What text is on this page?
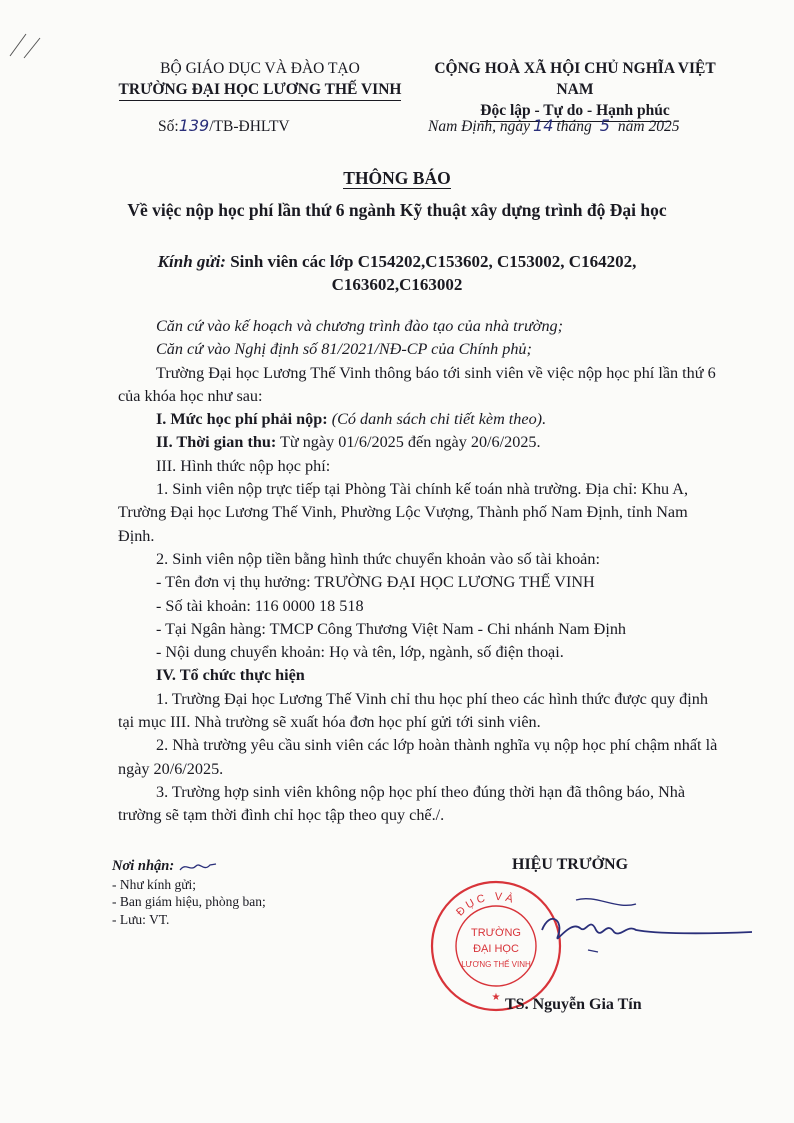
BỘ GIÁO DỤC VÀ ĐÀO TẠO
TRƯỜNG ĐẠI HỌC LƯƠNG THẾ VINH
CỘNG HOÀ XÃ HỘI CHỦ NGHĨA VIỆT NAM
Độc lập - Tự do - Hạnh phúc
Số:139/TB-ĐHLTV	Nam Định, ngày 14 tháng 5 năm 2025
THÔNG BÁO
Về việc nộp học phí lần thứ 6 ngành Kỹ thuật xây dựng trình độ Đại học
Kính gửi: Sinh viên các lớp C154202,C153602, C153002, C164202,
C163602,C163002

Căn cứ vào kế hoạch và chương trình đào tạo của nhà trường;

Căn cứ vào Nghị định số 81/2021/NĐ-CP của Chính phủ;

Trường Đại học Lương Thế Vinh thông báo tới sinh viên về việc nộp học phí lần thứ 6 của khóa học như sau:

I. Mức học phí phải nộp: (Có danh sách chi tiết kèm theo).

II. Thời gian thu: Từ ngày 01/6/2025 đến ngày 20/6/2025.

III. Hình thức nộp học phí:

1. Sinh viên nộp trực tiếp tại Phòng Tài chính kế toán nhà trường. Địa chỉ: Khu A, Trường Đại học Lương Thế Vinh, Phường Lộc Vượng, Thành phố Nam Định, tỉnh Nam Định.

2. Sinh viên nộp tiền bằng hình thức chuyển khoản vào số tài khoản:

- Tên đơn vị thụ hưởng: TRƯỜNG ĐẠI HỌC LƯƠNG THẾ VINH

- Số tài khoản: 116 0000 18 518

- Tại Ngân hàng: TMCP Công Thương Việt Nam - Chi nhánh Nam Định

- Nội dung chuyển khoản: Họ và tên, lớp, ngành, số điện thoại.

IV. Tổ chức thực hiện

1. Trường Đại học Lương Thế Vinh chỉ thu học phí theo các hình thức được quy định tại mục III. Nhà trường sẽ xuất hóa đơn học phí gửi tới sinh viên.

2. Nhà trường yêu cầu sinh viên các lớp hoàn thành nghĩa vụ nộp học phí chậm nhất là ngày 20/6/2025.

3. Trường hợp sinh viên không nộp học phí theo đúng thời hạn đã thông báo, Nhà trường sẽ tạm thời đình chỉ học tập theo quy chế./.

Nơi nhận:
- Như kính gửi;
- Ban giám hiệu, phòng ban;
- Lưu: VT.
HIỆU TRƯỞNG
ĐỤC VÀ
TRƯỜNG
ĐẠI HỌC
LƯƠNG THẾ VINH
★ TS. Nguyễn Gia Tín
